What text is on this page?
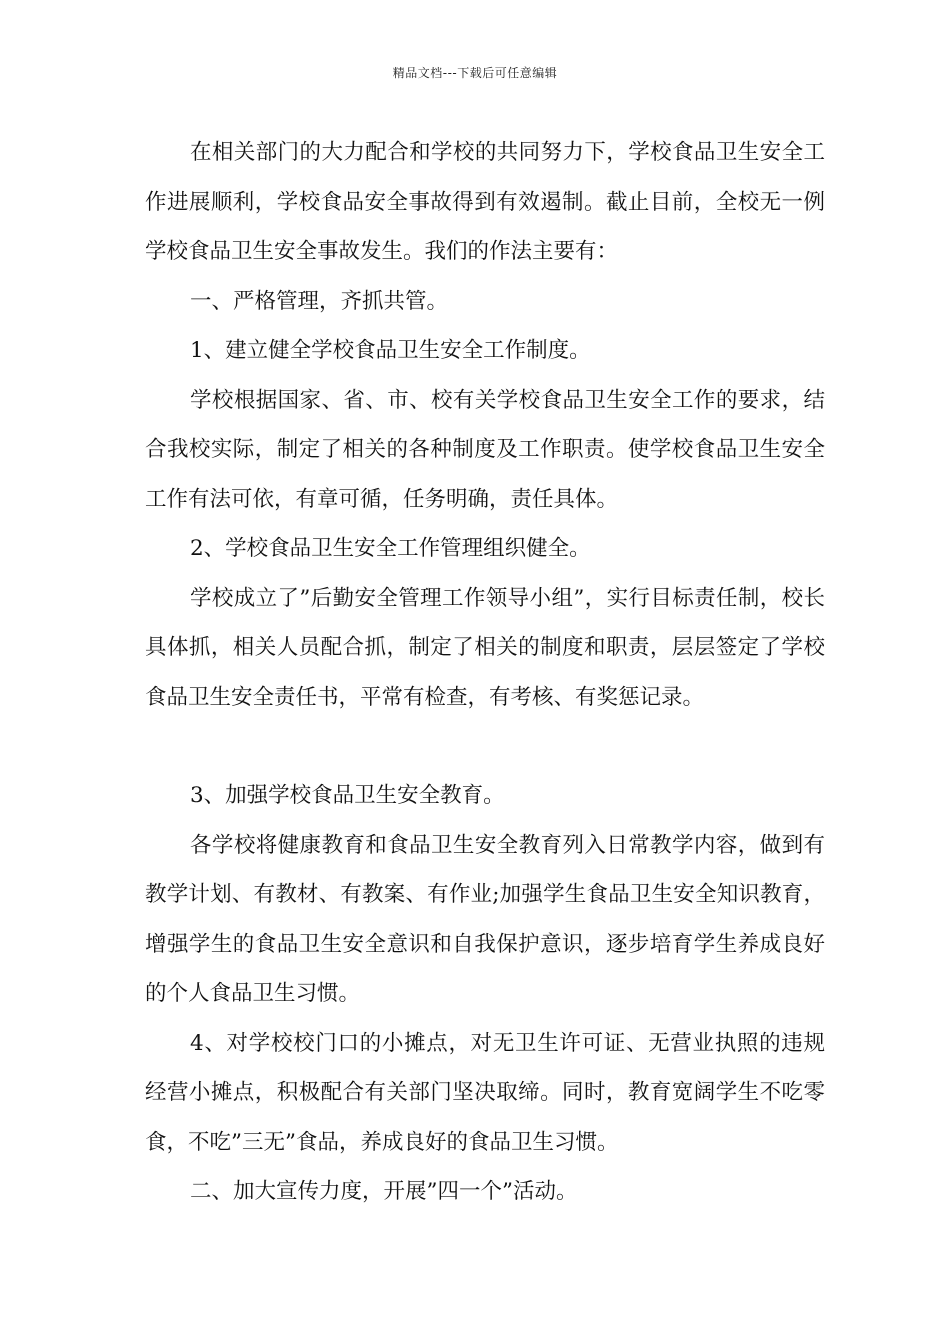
精品文档---下载后可任意编辑

在相关部门的大力配合和学校的共同努力下，学校食品卫生安全工作进展顺利，学校食品安全事故得到有效遏制。截止目前，全校无一例学校食品卫生安全事故发生。我们的作法主要有：

一、严格管理，齐抓共管。

1、建立健全学校食品卫生安全工作制度。

学校根据国家、省、市、校有关学校食品卫生安全工作的要求，结合我校实际，制定了相关的各种制度及工作职责。使学校食品卫生安全工作有法可依，有章可循，任务明确，责任具体。

2、学校食品卫生安全工作管理组织健全。

学校成立了”后勤安全管理工作领导小组”，实行目标责任制，校长具体抓，相关人员配合抓，制定了相关的制度和职责，层层签定了学校食品卫生安全责任书，平常有检查，有考核、有奖惩记录。

3、加强学校食品卫生安全教育。

各学校将健康教育和食品卫生安全教育列入日常教学内容，做到有教学计划、有教材、有教案、有作业;加强学生食品卫生安全知识教育，增强学生的食品卫生安全意识和自我保护意识，逐步培育学生养成良好的个人食品卫生习惯。

4、对学校校门口的小摊点，对无卫生许可证、无营业执照的违规经营小摊点，积极配合有关部门坚决取缔。同时，教育宽阔学生不吃零食，不吃”三无”食品，养成良好的食品卫生习惯。

二、加大宣传力度，开展”四一个”活动。
